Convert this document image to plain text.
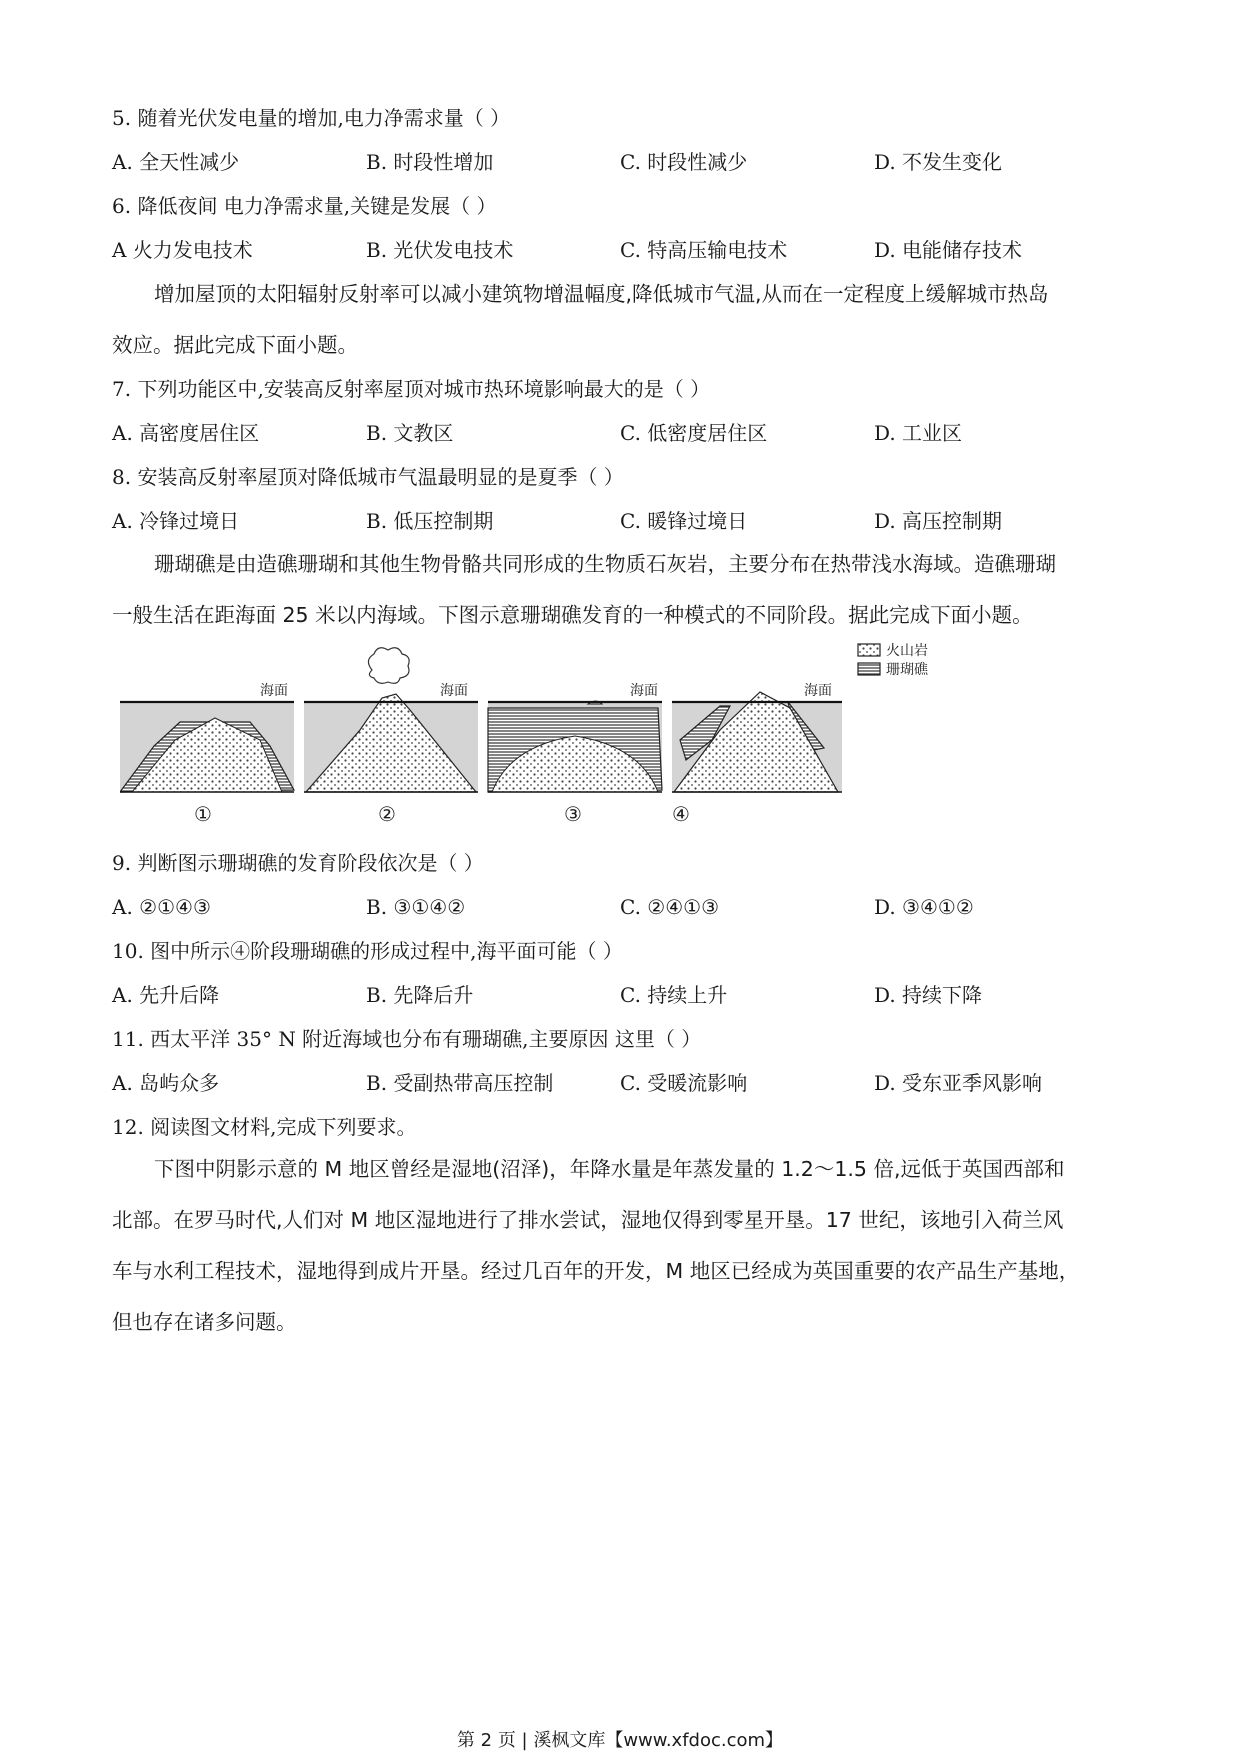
5. 随着光伏发电量的增加,电力净需求量（ ）
A. 全天性减少	B. 时段性增加	C. 时段性减少	D. 不发生变化
6. 降低夜间 电力净需求量,关键是发展（ ）
A 火力发电技术	B. 光伏发电技术	C. 特高压输电技术	D. 电能储存技术
增加屋顶的太阳辐射反射率可以减小建筑物增温幅度,降低城市气温,从而在一定程度上缓解城市热岛
效应。据此完成下面小题。
7. 下列功能区中,安装高反射率屋顶对城市热环境影响最大的是（ ）
A. 高密度居住区	B. 文教区	C. 低密度居住区	D. 工业区
8. 安装高反射率屋顶对降低城市气温最明显的是夏季（ ）
A. 冷锋过境日	B. 低压控制期	C. 暖锋过境日	D. 高压控制期
珊瑚礁是由造礁珊瑚和其他生物骨骼共同形成的生物质石灰岩，主要分布在热带浅水海域。造礁珊瑚
一般生活在距海面 25 米以内海域。下图示意珊瑚礁发育的一种模式的不同阶段。据此完成下面小题。
火山岩
珊瑚礁
海面
①
海面
②
海面
③
海面
④
9. 判断图示珊瑚礁的发育阶段依次是（ ）
A. ②①④③	B. ③①④②	C. ②④①③	D. ③④①②
10. 图中所示④阶段珊瑚礁的形成过程中,海平面可能（ ）
A. 先升后降	B. 先降后升	C. 持续上升	D. 持续下降
11. 西太平洋 35° N 附近海域也分布有珊瑚礁,主要原因 这里（ ）
A. 岛屿众多	B. 受副热带高压控制	C. 受暖流影响	D. 受东亚季风影响
12. 阅读图文材料,完成下列要求。
下图中阴影示意的 M 地区曾经是湿地(沼泽)，年降水量是年蒸发量的 1.2～1.5 倍,远低于英国西部和
北部。在罗马时代,人们对 M 地区湿地进行了排水尝试，湿地仅得到零星开垦。17 世纪，该地引入荷兰风
车与水利工程技术，湿地得到成片开垦。经过几百年的开发，M 地区已经成为英国重要的农产品生产基地，
但也存在诸多问题。
第 2 页 | 溪枫文库【www.xfdoc.com】
